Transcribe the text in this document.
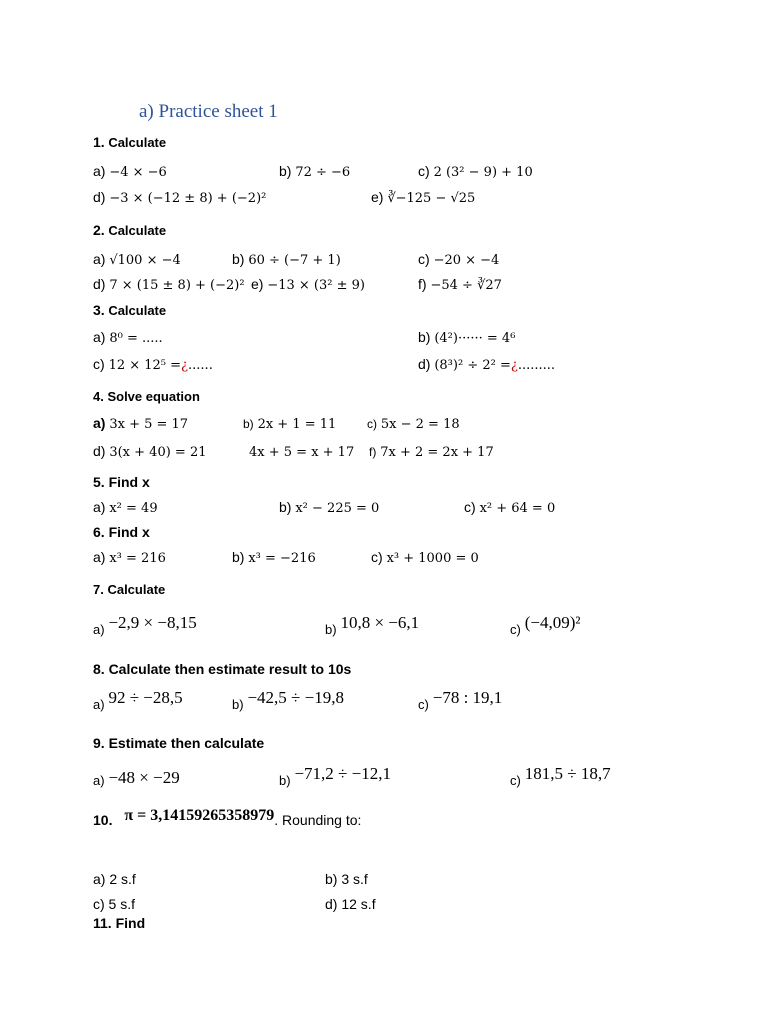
a) Practice sheet 1
1. Calculate
a) −4 × −6	b) 72 ÷ −6	c) 2 (3² − 9) + 10
d) −3 × (−12 ± 8) + (−2)²	e) ∛−125 − √25
2. Calculate
a) √100 × −4	b) 60 ÷ (−7 + 1)	c) −20 × −4
d) 7 × (15 ± 8) + (−2)² e) −13 × (3² ± 9)	f) −54 ÷ ∛27
3. Calculate
a) 8⁰ = .....	b) (4²)······ = 4⁶
c) 12 × 12⁵ =¿......	d) (8³)² ÷ 2² =¿.........
4. Solve equation
a) 3x + 5 = 17	b) 2x + 1 = 11	c) 5x − 2 = 18
d) 3(x + 40) = 21	4x + 5 = x + 17 f) 7x + 2 = 2x + 17
5. Find x
a) x² = 49	b) x² − 225 = 0	c) x² + 64 = 0
6. Find x
a) x³ = 216	b) x³ = −216	c) x³ + 1000 = 0
7. Calculate
a) −2,9 × −8,15	b) 10,8 × −6,1	c) (−4,09)²
8. Calculate then estimate result to 10s
a) 92 ÷ −28,5	b) −42,5 ÷ −19,8	c) −78 : 19,1
9. Estimate then calculate
a) −48 × −29	b) −71,2 ÷ −12,1	c) 181,5 ÷ 18,7
10. π = 3,14159265358979. Rounding to:
a) 2 s.f	b) 3 s.f
c) 5 s.f	d) 12 s.f
11. Find
